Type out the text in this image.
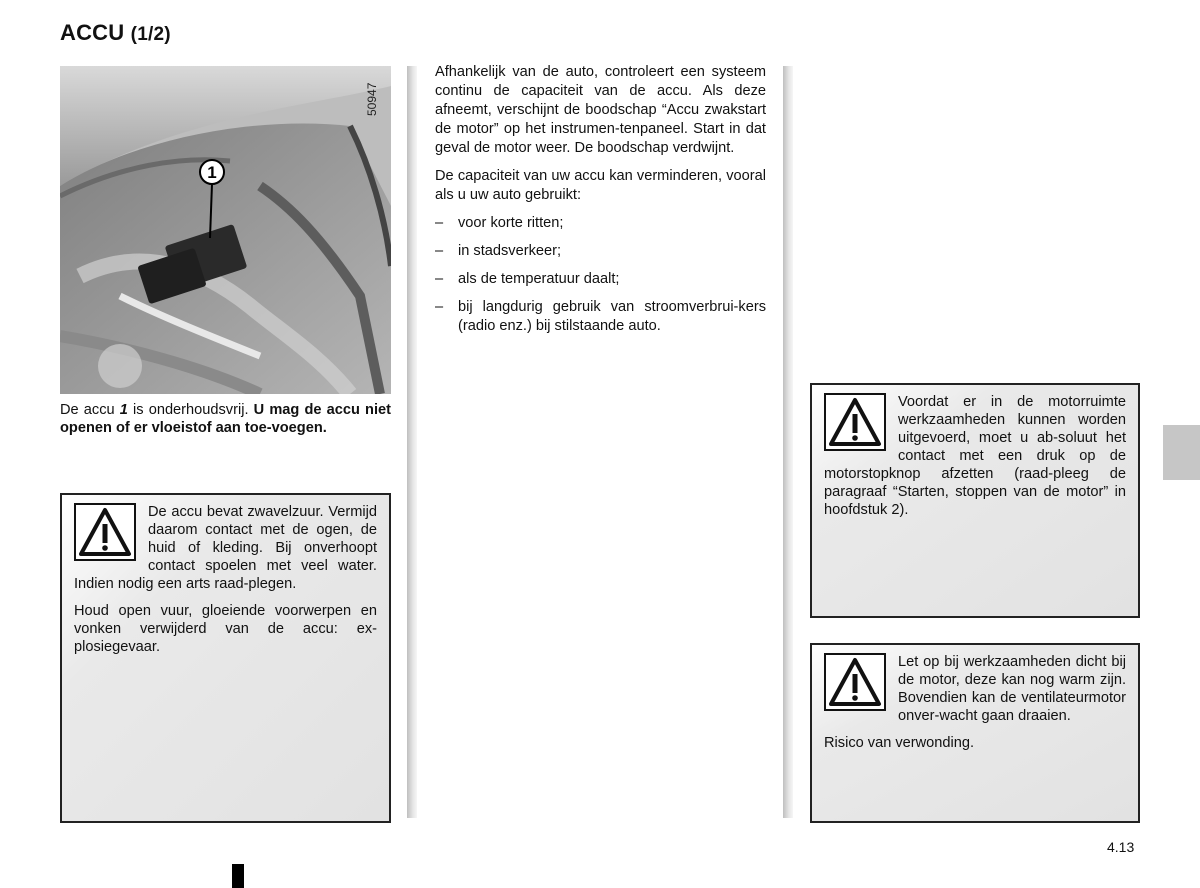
ACCU (1/2)
1
50947
De accu 1 is onderhoudsvrij. U mag de accu niet openen of er vloeistof aan toe-voegen.

De accu bevat zwavelzuur. Vermijd daarom contact met de ogen, de huid of kleding. Bij onverhoopt contact spoelen met veel water. Indien nodig een arts raad-plegen.

Houd open vuur, gloeiende voorwerpen en vonken verwijderd van de accu: ex-plosiegevaar.

Afhankelijk van de auto, controleert een systeem continu de capaciteit van de accu. Als deze afneemt, verschijnt de boodschap “Accu zwakstart de motor” op het instrumen-tenpaneel. Start in dat geval de motor weer. De boodschap verdwijnt.

De capaciteit van uw accu kan verminderen, vooral als u uw auto gebruikt:

– voor korte ritten;
– in stadsverkeer;
– als de temperatuur daalt;
– bij langdurig gebruik van stroomverbrui-kers (radio enz.) bij stilstaande auto.

Voordat er in de motorruimte werkzaamheden kunnen worden uitgevoerd, moet u ab-soluut het contact met een druk op de motorstopknop afzetten (raad-pleeg de paragraaf “Starten, stoppen van de motor” in hoofdstuk 2).

Let op bij werkzaamheden dicht bij de motor, deze kan nog warm zijn. Bovendien kan de ventilateurmotor onver-wacht gaan draaien.

Risico van verwonding.

4.13
